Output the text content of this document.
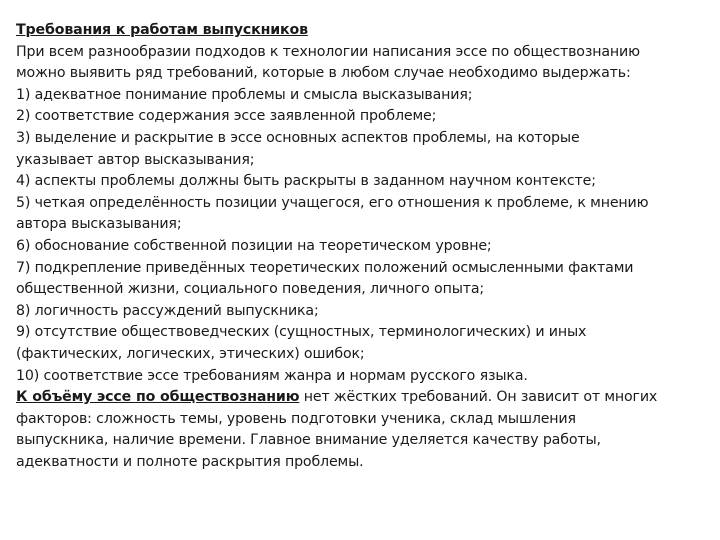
Требования к работам выпускников
При всем разнообразии подходов к технологии написания эссе по обществознанию
можно выявить ряд требований, которые в любом случае необходимо выдержать:
1) адекватное понимание проблемы и смысла высказывания;
2) соответствие содержания эссе заявленной проблеме;
3) выделение и раскрытие в эссе основных аспектов проблемы, на которые
указывает автор высказывания;
4) аспекты проблемы должны быть раскрыты в заданном научном контексте;
5) четкая определённость позиции учащегося, его отношения к проблеме, к мнению
автора высказывания;
6) обоснование собственной позиции на теоретическом уровне;
7) подкрепление приведённых теоретических положений осмысленными фактами
общественной жизни, социального поведения, личного опыта;
8) логичность рассуждений выпускника;
9) отсутствие обществоведческих (сущностных, терминологических) и иных
(фактических, логических, этических) ошибок;
10) соответствие эссе требованиям жанра и нормам русского языка.
К объёму эссе по обществознанию нет жёстких требований. Он зависит от многих
факторов: сложность темы, уровень подготовки ученика, склад мышления
выпускника, наличие времени. Главное внимание уделяется качеству работы,
адекватности и полноте раскрытия проблемы.
